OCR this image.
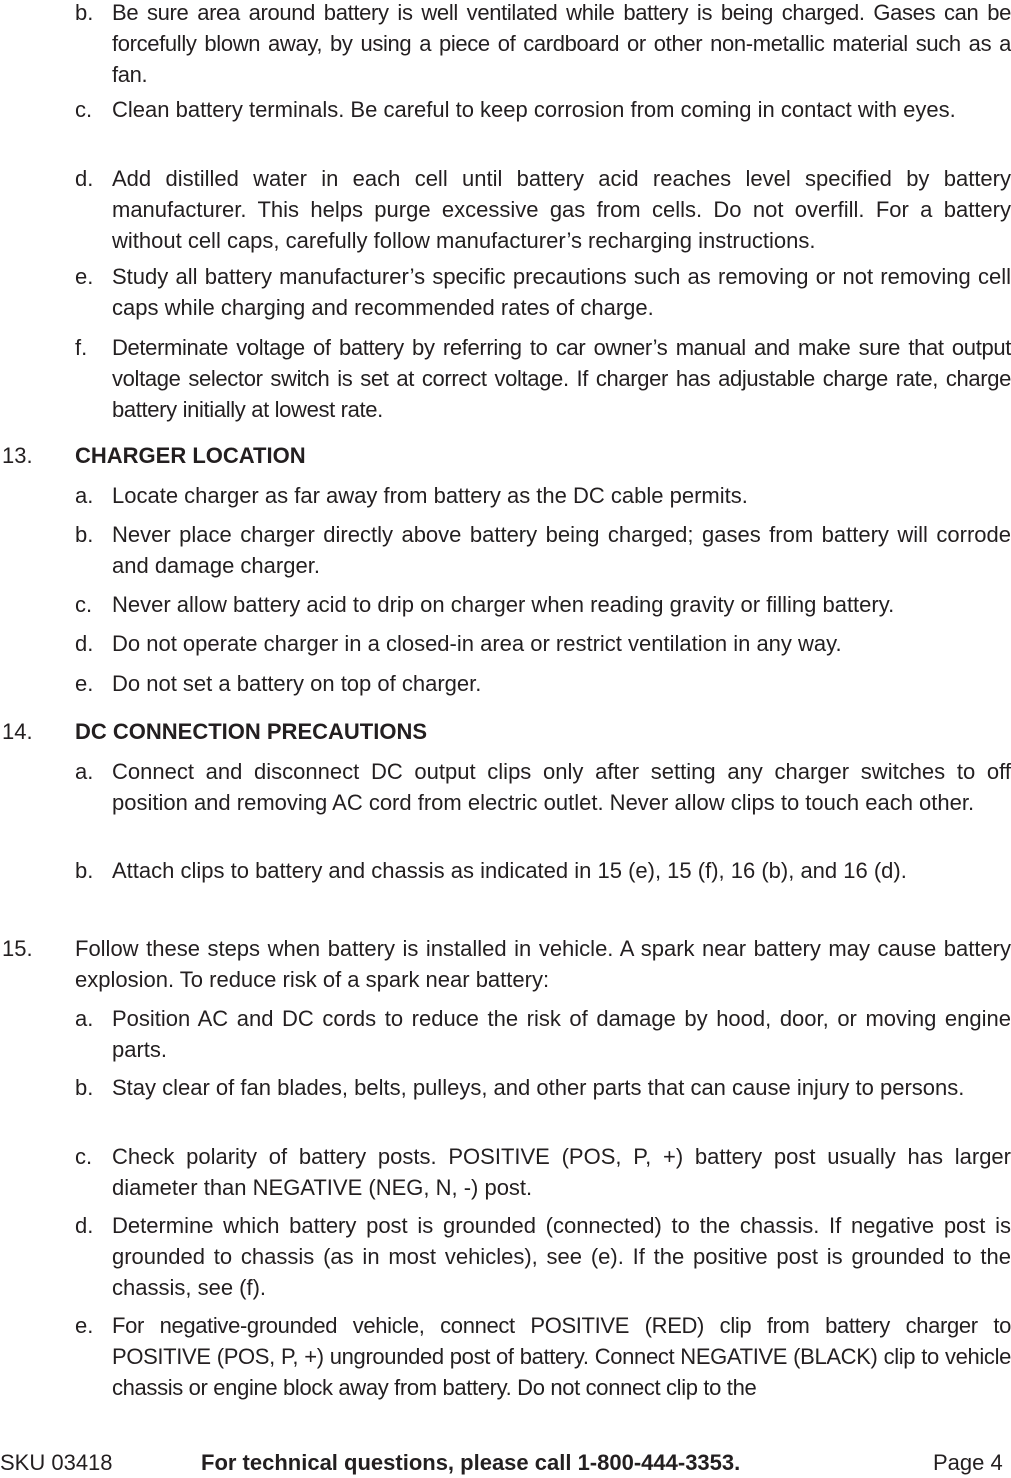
b. Be sure area around battery is well ventilated while battery is being charged. Gases can be forcefully blown away, by using a piece of cardboard or other non-metallic material such as a fan.
c. Clean battery terminals. Be careful to keep corrosion from coming in contact with eyes.
d. Add distilled water in each cell until battery acid reaches level specified by battery manufacturer. This helps purge excessive gas from cells. Do not overfill. For a battery without cell caps, carefully follow manufacturer’s recharging instructions.
e. Study all battery manufacturer’s specific precautions such as removing or not removing cell caps while charging and recommended rates of charge.
f. Determinate voltage of battery by referring to car owner’s manual and make sure that output voltage selector switch is set at correct voltage. If charger has adjustable charge rate, charge battery initially at lowest rate.
13. CHARGER LOCATION
a. Locate charger as far away from battery as the DC cable permits.
b. Never place charger directly above battery being charged; gases from battery will corrode and damage charger.
c. Never allow battery acid to drip on charger when reading gravity or filling battery.
d. Do not operate charger in a closed-in area or restrict ventilation in any way.
e. Do not set a battery on top of charger.
14. DC CONNECTION PRECAUTIONS
a. Connect and disconnect DC output clips only after setting any charger switches to off position and removing AC cord from electric outlet. Never allow clips to touch each other.
b. Attach clips to battery and chassis as indicated in 15 (e), 15 (f), 16 (b), and 16 (d).
15. Follow these steps when battery is installed in vehicle. A spark near battery may cause battery explosion. To reduce risk of a spark near battery:
a. Position AC and DC cords to reduce the risk of damage by hood, door, or moving engine parts.
b. Stay clear of fan blades, belts, pulleys, and other parts that can cause injury to persons.
c. Check polarity of battery posts. POSITIVE (POS, P, +) battery post usually has larger diameter than NEGATIVE (NEG, N, -) post.
d. Determine which battery post is grounded (connected) to the chassis. If negative post is grounded to chassis (as in most vehicles), see (e). If the positive post is grounded to the chassis, see (f).
e. For negative-grounded vehicle, connect POSITIVE (RED) clip from battery charger to POSITIVE (POS, P, +) ungrounded post of battery. Connect NEGATIVE (BLACK) clip to vehicle chassis or engine block away from battery. Do not connect clip to the
SKU 03418	For technical questions, please call 1-800-444-3353.	Page 4
